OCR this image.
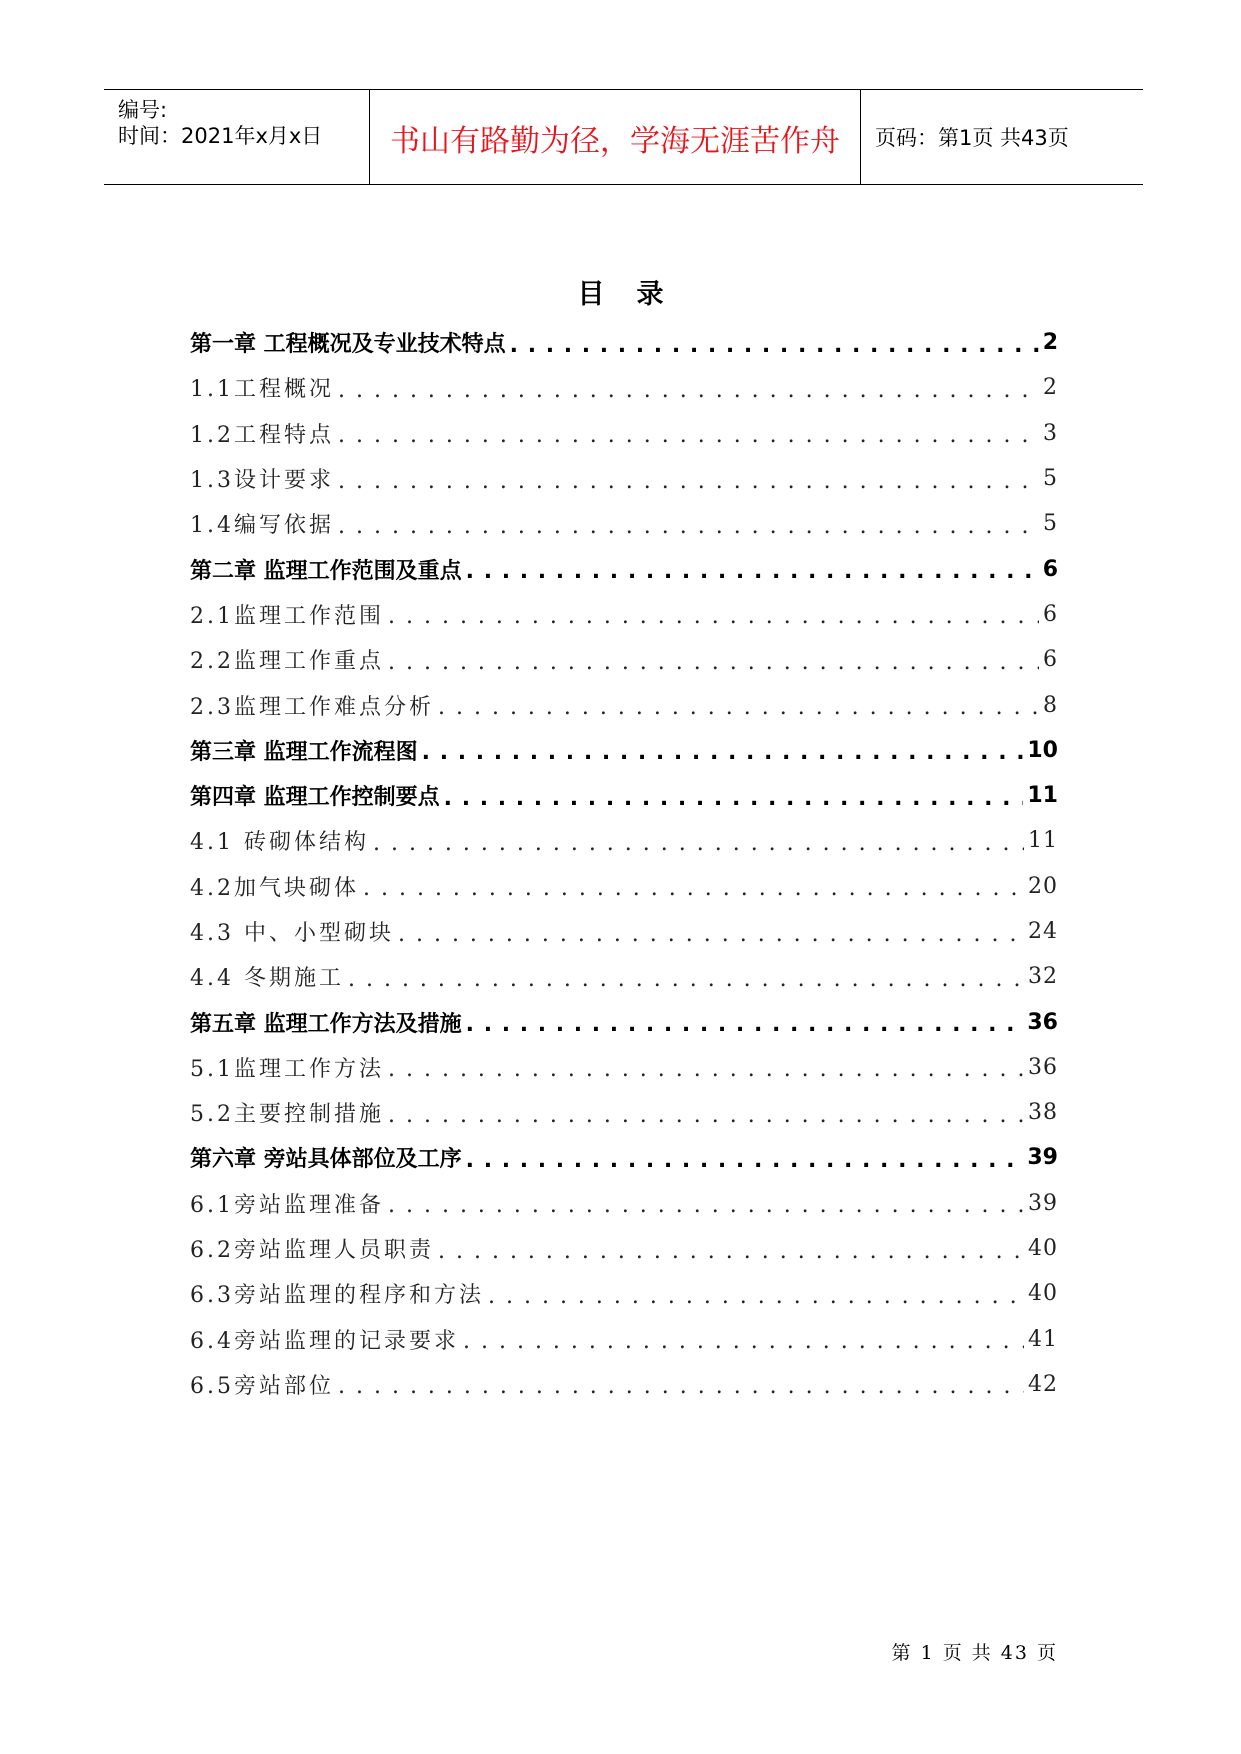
编号:
时间：2021年x月x日	书山有路勤为径，学海无涯苦作舟	页码：第1页 共43页
目录
第一章 工程概况及专业技术特点 . . .	2
1.1工程概况 . . .	2
1.2工程特点 . . .	3
1.3设计要求 . . .	5
1.4编写依据 . . .	5
第二章 监理工作范围及重点 . . .	6
2.1监理工作范围 . . .	6
2.2监理工作重点 . . .	6
2.3监理工作难点分析 . . .	8
第三章 监理工作流程图 . . .	10
第四章 监理工作控制要点 . . .	11
4.1 砖砌体结构 . . .	11
4.2加气块砌体 . . .	20
4.3 中、小型砌块 . . .	24
4.4 冬期施工 . . .	32
第五章 监理工作方法及措施 . . .	36
5.1监理工作方法 . . .	36
5.2主要控制措施 . . .	38
第六章 旁站具体部位及工序 . . .	39
6.1旁站监理准备 . . .	39
6.2旁站监理人员职责 . . .	40
6.3旁站监理的程序和方法 . . .	40
6.4旁站监理的记录要求 . . .	41
6.5旁站部位 . . .	42
第 1 页 共 43 页
